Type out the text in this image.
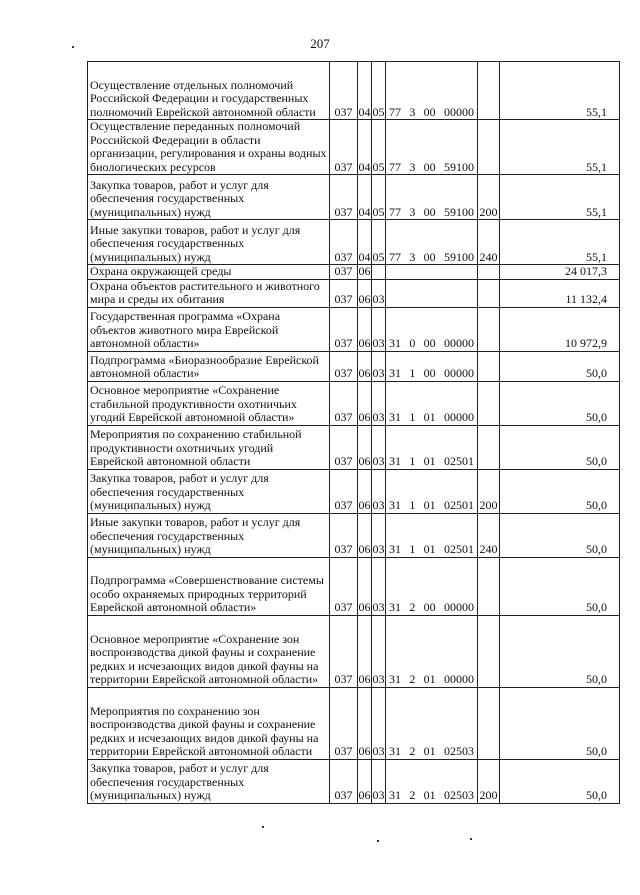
207
Осуществление отдельных полномочий Российской Федерации и государственных полномочий Еврейской автономной области	037	04	05	77 3 00 00000		55,1
Осуществление переданных полномочий Российской Федерации в области организации, регулирования и охраны водных биологических ресурсов	037	04	05	77 3 00 59100		55,1
Закупка товаров, работ и услуг для обеспечения государственных (муниципальных) нужд	037	04	05	77 3 00 59100	200	55,1
Иные закупки товаров, работ и услуг для обеспечения государственных (муниципальных) нужд	037	04	05	77 3 00 59100	240	55,1
Охрана окружающей среды	037	06				24 017,3
Охрана объектов растительного и животного мира и среды их обитания	037	06	03			11 132,4
Государственная программа «Охрана объектов животного мира Еврейской автономной области»	037	06	03	31 0 00 00000		10 972,9
Подпрограмма «Биоразнообразие Еврейской автономной области»	037	06	03	31 1 00 00000		50,0
Основное мероприятие «Сохранение стабильной продуктивности охотничьих угодий Еврейской автономной области»	037	06	03	31 1 01 00000		50,0
Мероприятия по сохранению стабильной продуктивности охотничьих угодий Еврейской автономной области	037	06	03	31 1 01 02501		50,0
Закупка товаров, работ и услуг для обеспечения государственных (муниципальных) нужд	037	06	03	31 1 01 02501	200	50,0
Иные закупки товаров, работ и услуг для обеспечения государственных (муниципальных) нужд	037	06	03	31 1 01 02501	240	50,0
Подпрограмма «Совершенствование системы особо охраняемых природных территорий Еврейской автономной области»	037	06	03	31 2 00 00000		50,0
Основное мероприятие «Сохранение зон воспроизводства дикой фауны и сохранение редких и исчезающих видов дикой фауны на территории Еврейской автономной области»	037	06	03	31 2 01 00000		50,0
Мероприятия по сохранению зон воспроизводства дикой фауны и сохранение редких и исчезающих видов дикой фауны на территории Еврейской автономной области	037	06	03	31 2 01 02503		50,0
Закупка товаров, работ и услуг для обеспечения государственных (муниципальных) нужд	037	06	03	31 2 01 02503	200	50,0
